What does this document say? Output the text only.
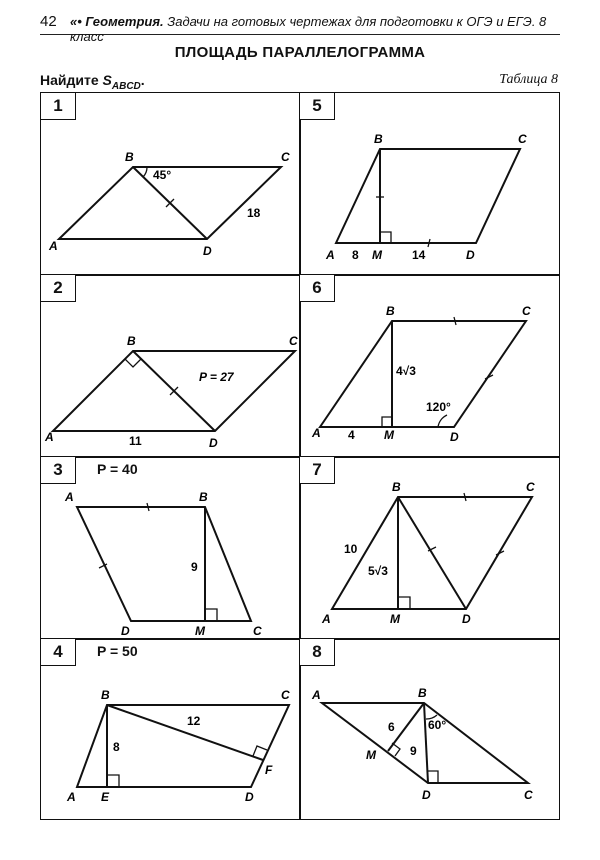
42 «• Геометрия. Задачи на готовых чертежах для подготовки к ОГЭ и ЕГЭ. 8 класс
ПЛОЩАДЬ ПАРАЛЛЕЛОГРАММА
Найдите $S_{ABCD}$.	Таблица 8
A
B	C
D
45°
18
1
A
B	C
D
M
8	14
5
A
B	C
D
P = 27
11
2
A
B	C
D
M
4√3
4
120°
6
A	B
C
D	M
9
3	P = 40
A
B	C
D
M
10
5√3
7
A
B	C
D
E
F
8
12
4	P = 50
A	B
C
D
M
6
9
60°
8
